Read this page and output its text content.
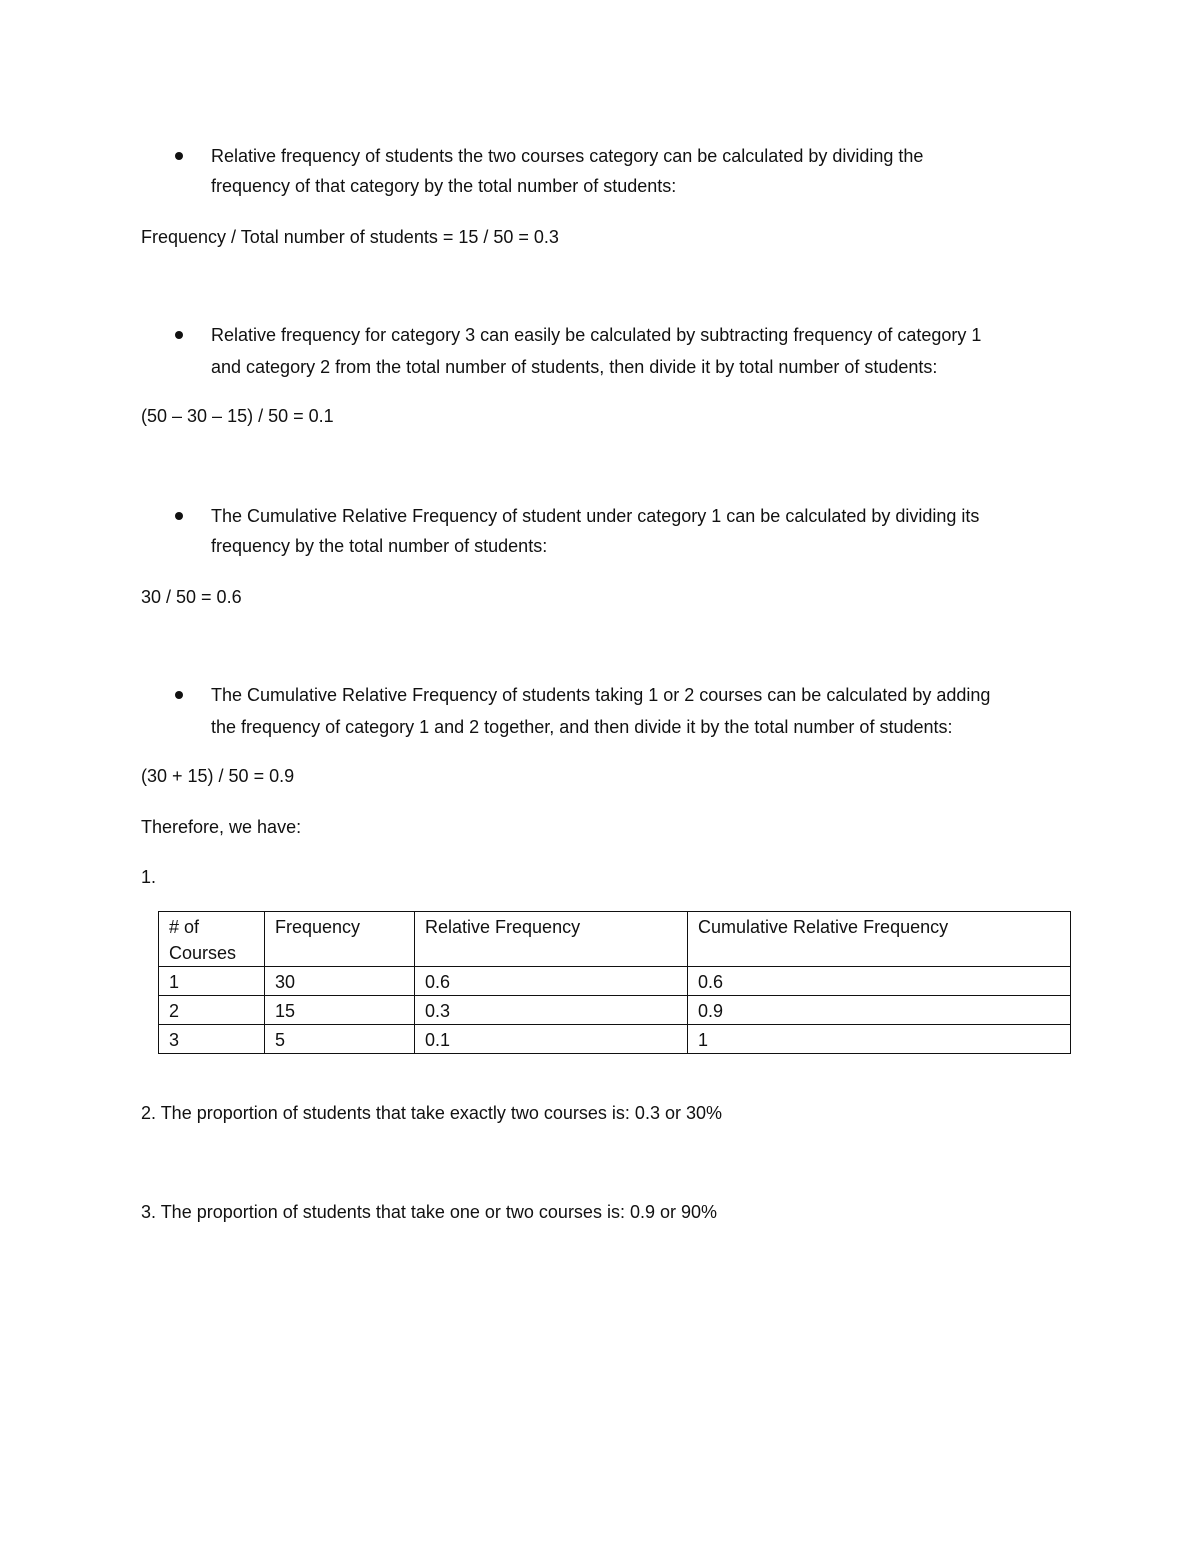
Relative frequency of students the two courses category can be calculated by dividing the
frequency of that category by the total number of students:
Frequency / Total number of students = 15 / 50 = 0.3
Relative frequency for category 3 can easily be calculated by subtracting frequency of category 1
and category 2 from the total number of students, then divide it by total number of students:
(50 – 30 – 15) / 50 = 0.1
The Cumulative Relative Frequency of student under category 1 can be calculated by dividing its
frequency by the total number of students:
30 / 50 = 0.6
The Cumulative Relative Frequency of students taking 1 or 2 courses can be calculated by adding
the frequency of category 1 and 2 together, and then divide it by the total number of students:
(30 + 15) / 50 = 0.9
Therefore, we have:
1.
# of Courses	Frequency	Relative Frequency	Cumulative Relative Frequency
1	30	0.6	0.6
2	15	0.3	0.9
3	5	0.1	1
2. The proportion of students that take exactly two courses is: 0.3 or 30%
3. The proportion of students that take one or two courses is: 0.9 or 90%
